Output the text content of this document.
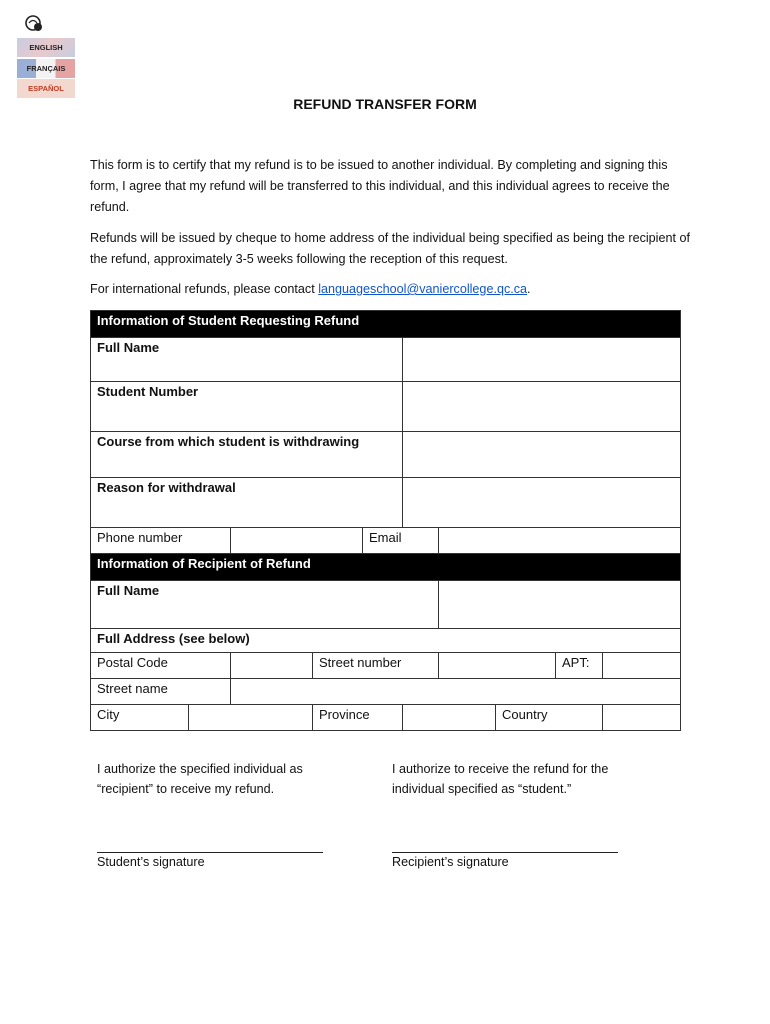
ENGLISH
FRANÇAIS
ESPAÑOL
REFUND TRANSFER FORM
This form is to certify that my refund is to be issued to another individual. By completing and signing this form, I agree that my refund will be transferred to this individual, and this individual agrees to receive the refund.
Refunds will be issued by cheque to home address of the individual being specified as being the recipient of the refund, approximately 3-5 weeks following the reception of this request.
For international refunds, please contact languageschool@vaniercollege.qc.ca.
Information of Student Requesting Refund									
Full Name									
Student Number									
Course from which student is withdrawing									
Reason for withdrawal									
Phone number				Email					
Information of Recipient of Refund									
Full Name									
Full Address (see below)									
Postal Code			Street number					APT:	
Street name									
City			Province				Country		
I authorize the specified individual as “recipient” to receive my refund.
I authorize to receive the refund for the individual specified as “student.”
Student’s signature	Recipient’s signature
